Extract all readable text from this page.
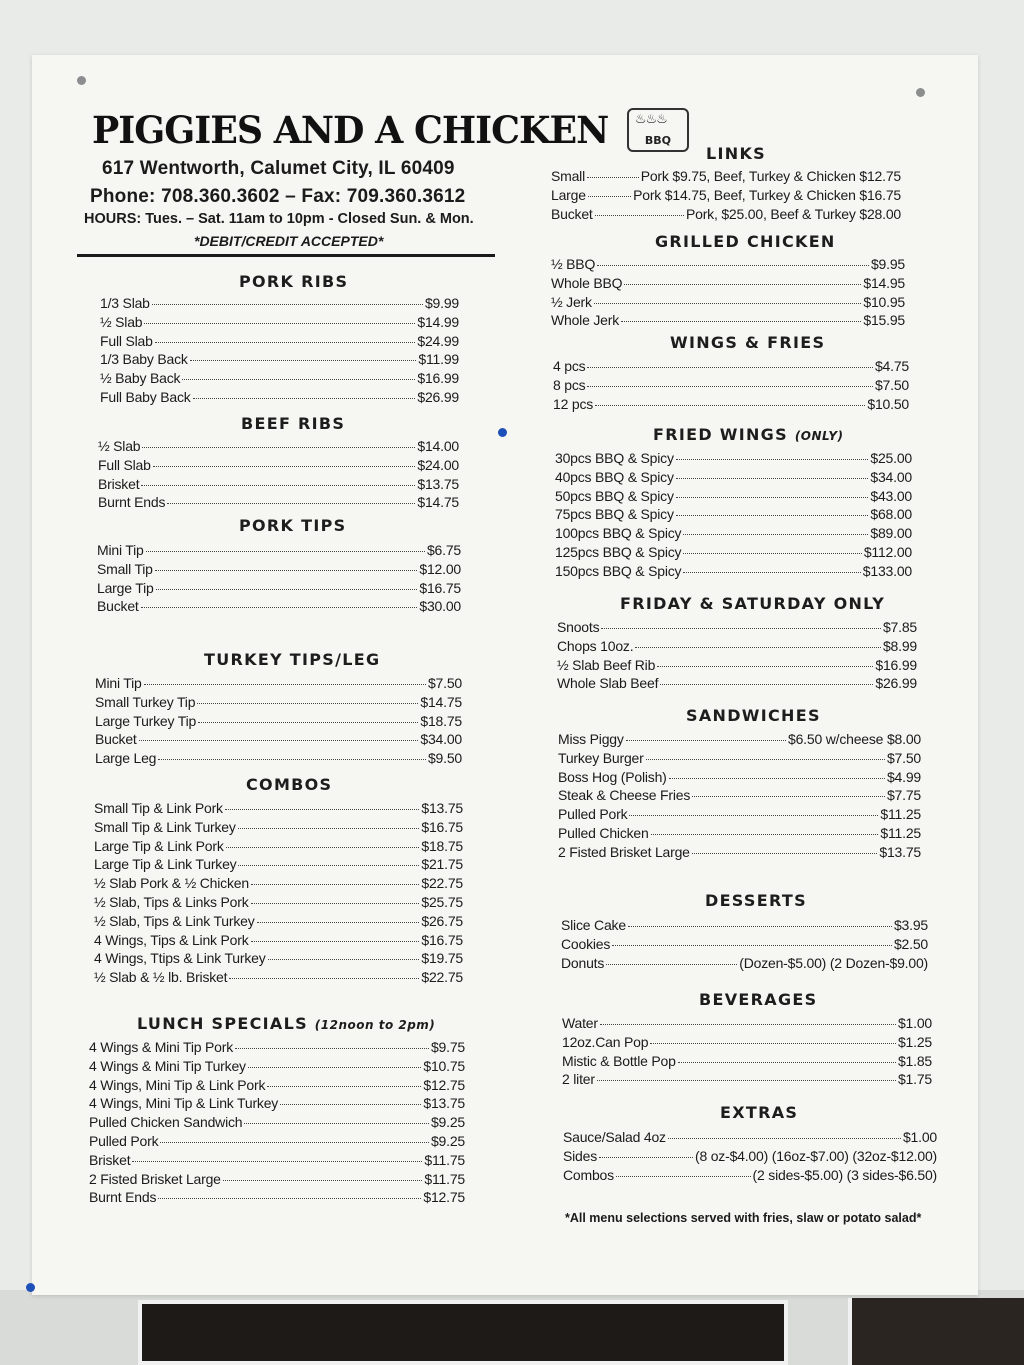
PIGGIES AND A CHICKEN ♨♨♨
BBQ
617 Wentworth, Calumet City, IL 60409
Phone: 708.360.3602 – Fax: 709.360.3612
HOURS: Tues. – Sat. 11am to 10pm - Closed Sun. & Mon.
*DEBIT/CREDIT ACCEPTED*
PORK RIBS
1/3 Slab	$9.99
½ Slab	$14.99
Full Slab	$24.99
1/3 Baby Back	$11.99
½ Baby Back	$16.99
Full Baby Back	$26.99
BEEF RIBS
½ Slab	$14.00
Full Slab	$24.00
Brisket	$13.75
Burnt Ends	$14.75
PORK TIPS
Mini Tip	$6.75
Small Tip	$12.00
Large Tip	$16.75
Bucket	$30.00
TURKEY TIPS/LEG
Mini Tip	$7.50
Small Turkey Tip	$14.75
Large Turkey Tip	$18.75
Bucket	$34.00
Large Leg	$9.50
COMBOS
Small Tip & Link Pork	$13.75
Small Tip & Link Turkey	$16.75
Large Tip & Link Pork	$18.75
Large Tip & Link Turkey	$21.75
½ Slab Pork & ½ Chicken	$22.75
½ Slab, Tips & Links Pork	$25.75
½ Slab, Tips & Link Turkey	$26.75
4 Wings, Tips & Link Pork	$16.75
4 Wings, Ttips & Link Turkey	$19.75
½ Slab & ½ lb. Brisket	$22.75
LUNCH SPECIALS (12noon to 2pm)
4 Wings & Mini Tip Pork	$9.75
4 Wings & Mini Tip Turkey	$10.75
4 Wings, Mini Tip & Link Pork	$12.75
4 Wings, Mini Tip & Link Turkey	$13.75
Pulled Chicken Sandwich	$9.25
Pulled Pork	$9.25
Brisket	$11.75
2 Fisted Brisket Large	$11.75
Burnt Ends	$12.75
LINKS
Small	Pork $9.75, Beef, Turkey & Chicken $12.75
Large	Pork $14.75, Beef, Turkey & Chicken $16.75
Bucket	Pork, $25.00, Beef & Turkey $28.00
GRILLED CHICKEN
½ BBQ	$9.95
Whole BBQ	$14.95
½ Jerk	$10.95
Whole Jerk	$15.95
WINGS & FRIES
4 pcs	$4.75
8 pcs	$7.50
12 pcs	$10.50
FRIED WINGS (ONLY)
30pcs BBQ & Spicy	$25.00
40pcs BBQ & Spicy	$34.00
50pcs BBQ & Spicy	$43.00
75pcs BBQ & Spicy	$68.00
100pcs BBQ & Spicy	$89.00
125pcs BBQ & Spicy	$112.00
150pcs BBQ & Spicy	$133.00
FRIDAY & SATURDAY ONLY
Snoots	$7.85
Chops 10oz.	$8.99
½ Slab Beef Rib	$16.99
Whole Slab Beef	$26.99
SANDWICHES
Miss Piggy	$6.50 w/cheese $8.00
Turkey Burger	$7.50
Boss Hog (Polish)	$4.99
Steak & Cheese Fries	$7.75
Pulled Pork	$11.25
Pulled Chicken	$11.25
2 Fisted Brisket Large	$13.75
DESSERTS
Slice Cake	$3.95
Cookies	$2.50
Donuts	(Dozen-$5.00) (2 Dozen-$9.00)
BEVERAGES
Water	$1.00
12oz.Can Pop	$1.25
Mistic & Bottle Pop	$1.85
2 liter	$1.75
EXTRAS
Sauce/Salad 4oz	$1.00
Sides	(8 oz-$4.00) (16oz-$7.00) (32oz-$12.00)
Combos	(2 sides-$5.00) (3 sides-$6.50)
*All menu selections served with fries, slaw or potato salad*
